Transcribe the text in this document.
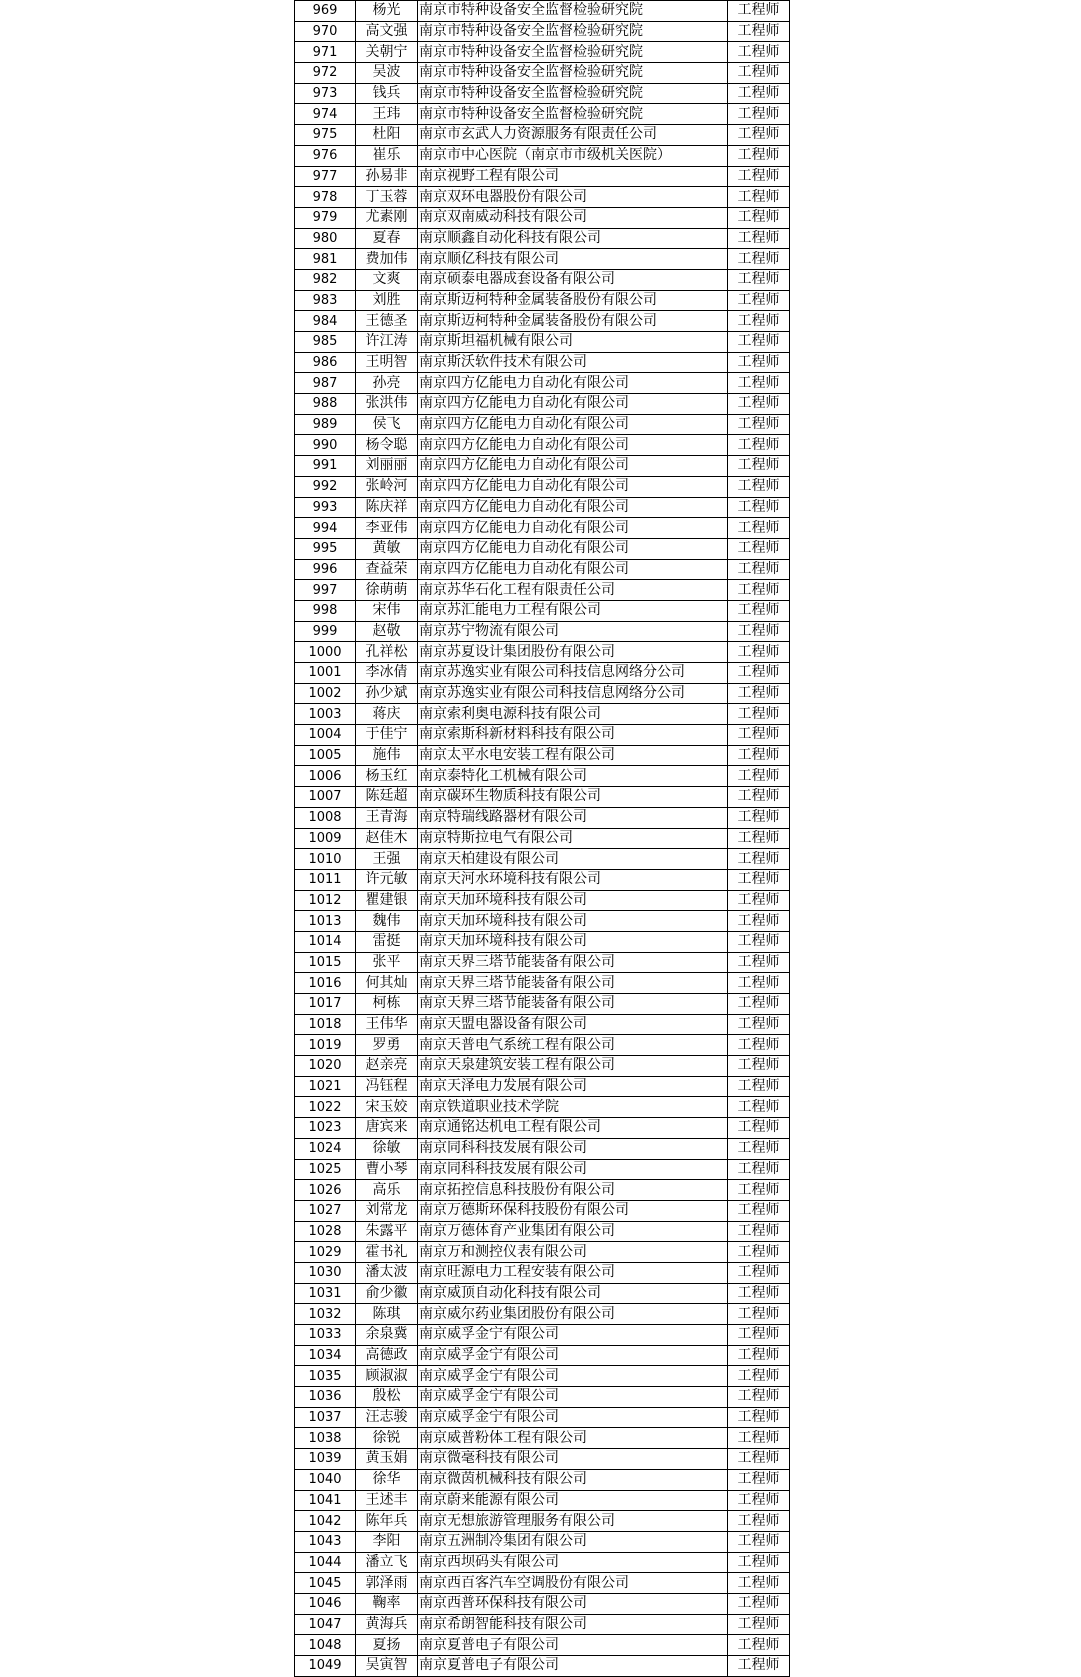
969	杨光	南京市特种设备安全监督检验研究院	工程师
970	高文强	南京市特种设备安全监督检验研究院	工程师
971	关朝宁	南京市特种设备安全监督检验研究院	工程师
972	吴波	南京市特种设备安全监督检验研究院	工程师
973	钱兵	南京市特种设备安全监督检验研究院	工程师
974	王玮	南京市特种设备安全监督检验研究院	工程师
975	杜阳	南京市玄武人力资源服务有限责任公司	工程师
976	崔乐	南京市中心医院（南京市市级机关医院）	工程师
977	孙易非	南京视野工程有限公司	工程师
978	丁玉蓉	南京双环电器股份有限公司	工程师
979	尤素刚	南京双南威动科技有限公司	工程师
980	夏春	南京顺鑫自动化科技有限公司	工程师
981	费加伟	南京顺亿科技有限公司	工程师
982	文爽	南京硕泰电器成套设备有限公司	工程师
983	刘胜	南京斯迈柯特种金属装备股份有限公司	工程师
984	王德圣	南京斯迈柯特种金属装备股份有限公司	工程师
985	许江涛	南京斯坦福机械有限公司	工程师
986	王明智	南京斯沃软件技术有限公司	工程师
987	孙亮	南京四方亿能电力自动化有限公司	工程师
988	张洪伟	南京四方亿能电力自动化有限公司	工程师
989	侯飞	南京四方亿能电力自动化有限公司	工程师
990	杨令聪	南京四方亿能电力自动化有限公司	工程师
991	刘丽丽	南京四方亿能电力自动化有限公司	工程师
992	张岭河	南京四方亿能电力自动化有限公司	工程师
993	陈庆祥	南京四方亿能电力自动化有限公司	工程师
994	李亚伟	南京四方亿能电力自动化有限公司	工程师
995	黄敏	南京四方亿能电力自动化有限公司	工程师
996	查益荣	南京四方亿能电力自动化有限公司	工程师
997	徐萌萌	南京苏华石化工程有限责任公司	工程师
998	宋伟	南京苏汇能电力工程有限公司	工程师
999	赵敬	南京苏宁物流有限公司	工程师
1000	孔祥松	南京苏夏设计集团股份有限公司	工程师
1001	李冰倩	南京苏逸实业有限公司科技信息网络分公司	工程师
1002	孙少斌	南京苏逸实业有限公司科技信息网络分公司	工程师
1003	蒋庆	南京索利奥电源科技有限公司	工程师
1004	于佳宁	南京索斯科新材料科技有限公司	工程师
1005	施伟	南京太平水电安装工程有限公司	工程师
1006	杨玉红	南京泰特化工机械有限公司	工程师
1007	陈廷超	南京碳环生物质科技有限公司	工程师
1008	王青海	南京特瑞线路器材有限公司	工程师
1009	赵佳木	南京特斯拉电气有限公司	工程师
1010	王强	南京天柏建设有限公司	工程师
1011	许元敏	南京天河水环境科技有限公司	工程师
1012	瞿建银	南京天加环境科技有限公司	工程师
1013	魏伟	南京天加环境科技有限公司	工程师
1014	雷挺	南京天加环境科技有限公司	工程师
1015	张平	南京天界三塔节能装备有限公司	工程师
1016	何其灿	南京天界三塔节能装备有限公司	工程师
1017	柯栋	南京天界三塔节能装备有限公司	工程师
1018	王伟华	南京天盟电器设备有限公司	工程师
1019	罗勇	南京天普电气系统工程有限公司	工程师
1020	赵亲亮	南京天泉建筑安装工程有限公司	工程师
1021	冯钰程	南京天泽电力发展有限公司	工程师
1022	宋玉姣	南京铁道职业技术学院	工程师
1023	唐宾来	南京通铭达机电工程有限公司	工程师
1024	徐敏	南京同科科技发展有限公司	工程师
1025	曹小琴	南京同科科技发展有限公司	工程师
1026	高乐	南京拓控信息科技股份有限公司	工程师
1027	刘常龙	南京万德斯环保科技股份有限公司	工程师
1028	朱露平	南京万德体育产业集团有限公司	工程师
1029	霍书礼	南京万和测控仪表有限公司	工程师
1030	潘太波	南京旺源电力工程安装有限公司	工程师
1031	俞少徽	南京威顶自动化科技有限公司	工程师
1032	陈琪	南京威尔药业集团股份有限公司	工程师
1033	余泉冀	南京威孚金宁有限公司	工程师
1034	高德政	南京威孚金宁有限公司	工程师
1035	顾淑淑	南京威孚金宁有限公司	工程师
1036	殷松	南京威孚金宁有限公司	工程师
1037	汪志骏	南京威孚金宁有限公司	工程师
1038	徐锐	南京威普粉体工程有限公司	工程师
1039	黄玉娟	南京微毫科技有限公司	工程师
1040	徐华	南京微茵机械科技有限公司	工程师
1041	王述丰	南京蔚来能源有限公司	工程师
1042	陈年兵	南京无想旅游管理服务有限公司	工程师
1043	李阳	南京五洲制冷集团有限公司	工程师
1044	潘立飞	南京西坝码头有限公司	工程师
1045	郭泽雨	南京西百客汽车空调股份有限公司	工程师
1046	鞠率	南京西普环保科技有限公司	工程师
1047	黄海兵	南京希朗智能科技有限公司	工程师
1048	夏扬	南京夏普电子有限公司	工程师
1049	吴寅智	南京夏普电子有限公司	工程师
